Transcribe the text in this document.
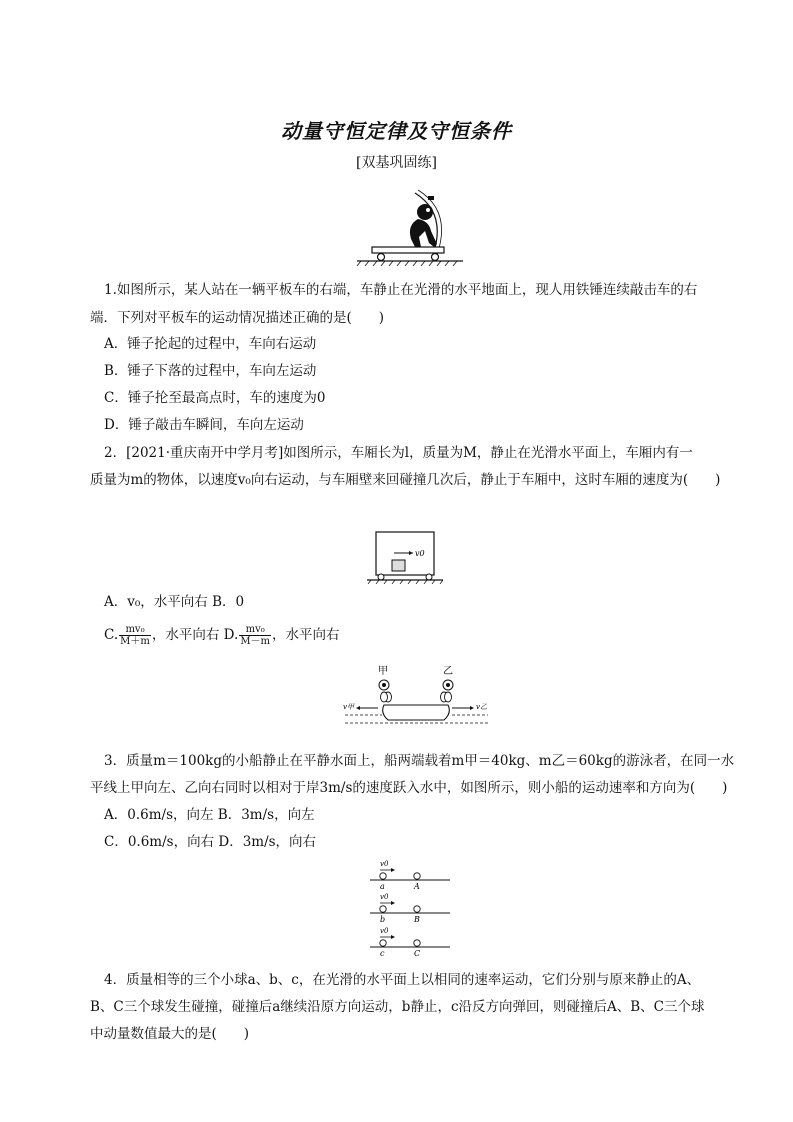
动量守恒定律及守恒条件
[双基巩固练]
1.如图所示，某人站在一辆平板车的右端，车静止在光滑的水平地面上，现人用铁锤连续敲击车的右
端．下列对平板车的运动情况描述正确的是(　　)
A．锤子抡起的过程中，车向右运动
B．锤子下落的过程中，车向左运动
C．锤子抡至最高点时，车的速度为0
D．锤子敲击车瞬间，车向左运动
2．[2021·重庆南开中学月考]如图所示，车厢长为l，质量为M，静止在光滑水平面上，车厢内有一
质量为m的物体，以速度v₀向右运动，与车厢壁来回碰撞几次后，静止于车厢中，这时车厢的速度为(　　)
v0
A．v₀，水平向右 B．0
C. $\frac{\text{mv₀}}{M+m}$ ，水平向右 D. $\frac{\text{mv₀}}{M-m}$ ，水平向右
甲	乙
v甲	v乙
3．质量m＝100kg的小船静止在平静水面上，船两端载着m甲＝40kg、m乙＝60kg的游泳者，在同一水
平线上甲向左、乙向右同时以相对于岸3m/s的速度跃入水中，如图所示，则小船的运动速率和方向为(　　)
A．0.6m/s，向左 B．3m/s，向左
C．0.6m/s，向右 D．3m/s，向右
v0
a	A
v0
b	B
v0
c	C
4．质量相等的三个小球a、b、c，在光滑的水平面上以相同的速率运动，它们分别与原来静止的A、
B、C三个球发生碰撞，碰撞后a继续沿原方向运动，b静止，c沿反方向弹回，则碰撞后A、B、C三个球
中动量数值最大的是(　　)
